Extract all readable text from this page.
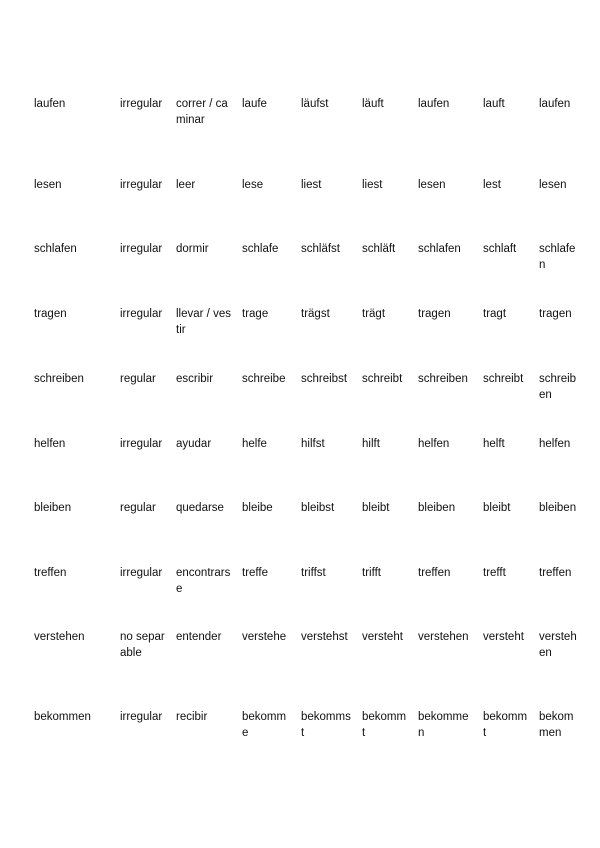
laufen	irregular	correr / caminar	laufe	läufst	läuft	laufen	lauft	laufen
lesen	irregular	leer	lese	liest	liest	lesen	lest	lesen
schlafen	irregular	dormir	schlafe	schläfst	schläft	schlafen	schlaft	schlafen
tragen	irregular	llevar / vestir	trage	trägst	trägt	tragen	tragt	tragen
schreiben	regular	escribir	schreibe	schreibst	schreibt	schreiben	schreibt	schreiben
helfen	irregular	ayudar	helfe	hilfst	hilft	helfen	helft	helfen
bleiben	regular	quedarse	bleibe	bleibst	bleibt	bleiben	bleibt	bleiben
treffen	irregular	encontrarse	treffe	triffst	trifft	treffen	trefft	treffen
verstehen	no separable	entender	verstehe	verstehst	versteht	verstehen	versteht	verstehen
bekommen	irregular	recibir	bekomme	bekommst	bekommt	bekommen	bekommt	bekommen
